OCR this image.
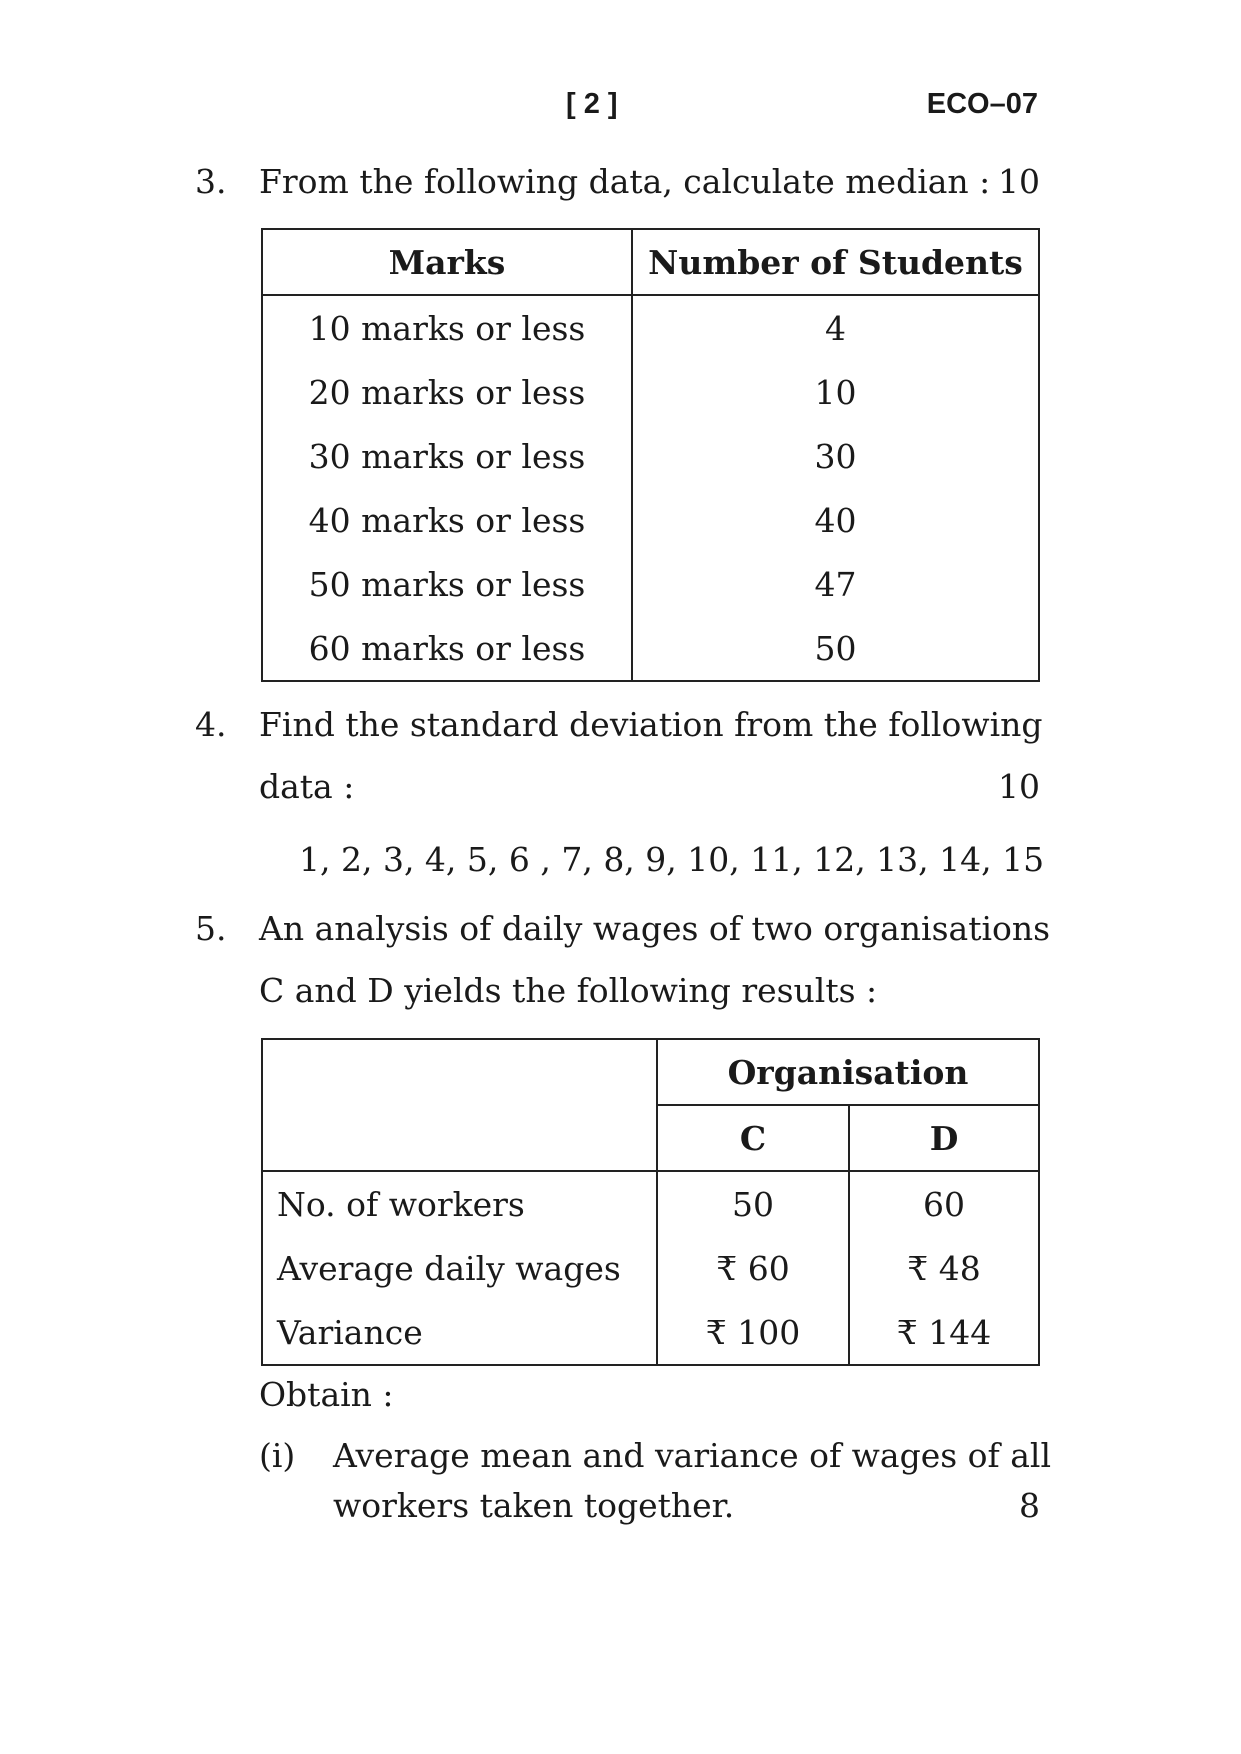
[ 2 ]	ECO–07
3. From the following data, calculate median : 10
Marks	Number of Students
10 marks or less	4
20 marks or less	10
30 marks or less	30
40 marks or less	40
50 marks or less	47
60 marks or less	50
4. Find the standard deviation from the following
data :	10
1, 2, 3, 4, 5, 6 , 7, 8, 9, 10, 11, 12, 13, 14, 15
5. An analysis of daily wages of two organisations
C and D yields the following results :
	Organisation	
	C	D
No. of workers	50	60
Average daily wages	₹ 60	₹ 48
Variance	₹ 100	₹ 144
Obtain :
(i) Average mean and variance of wages of all
workers taken together.	8
